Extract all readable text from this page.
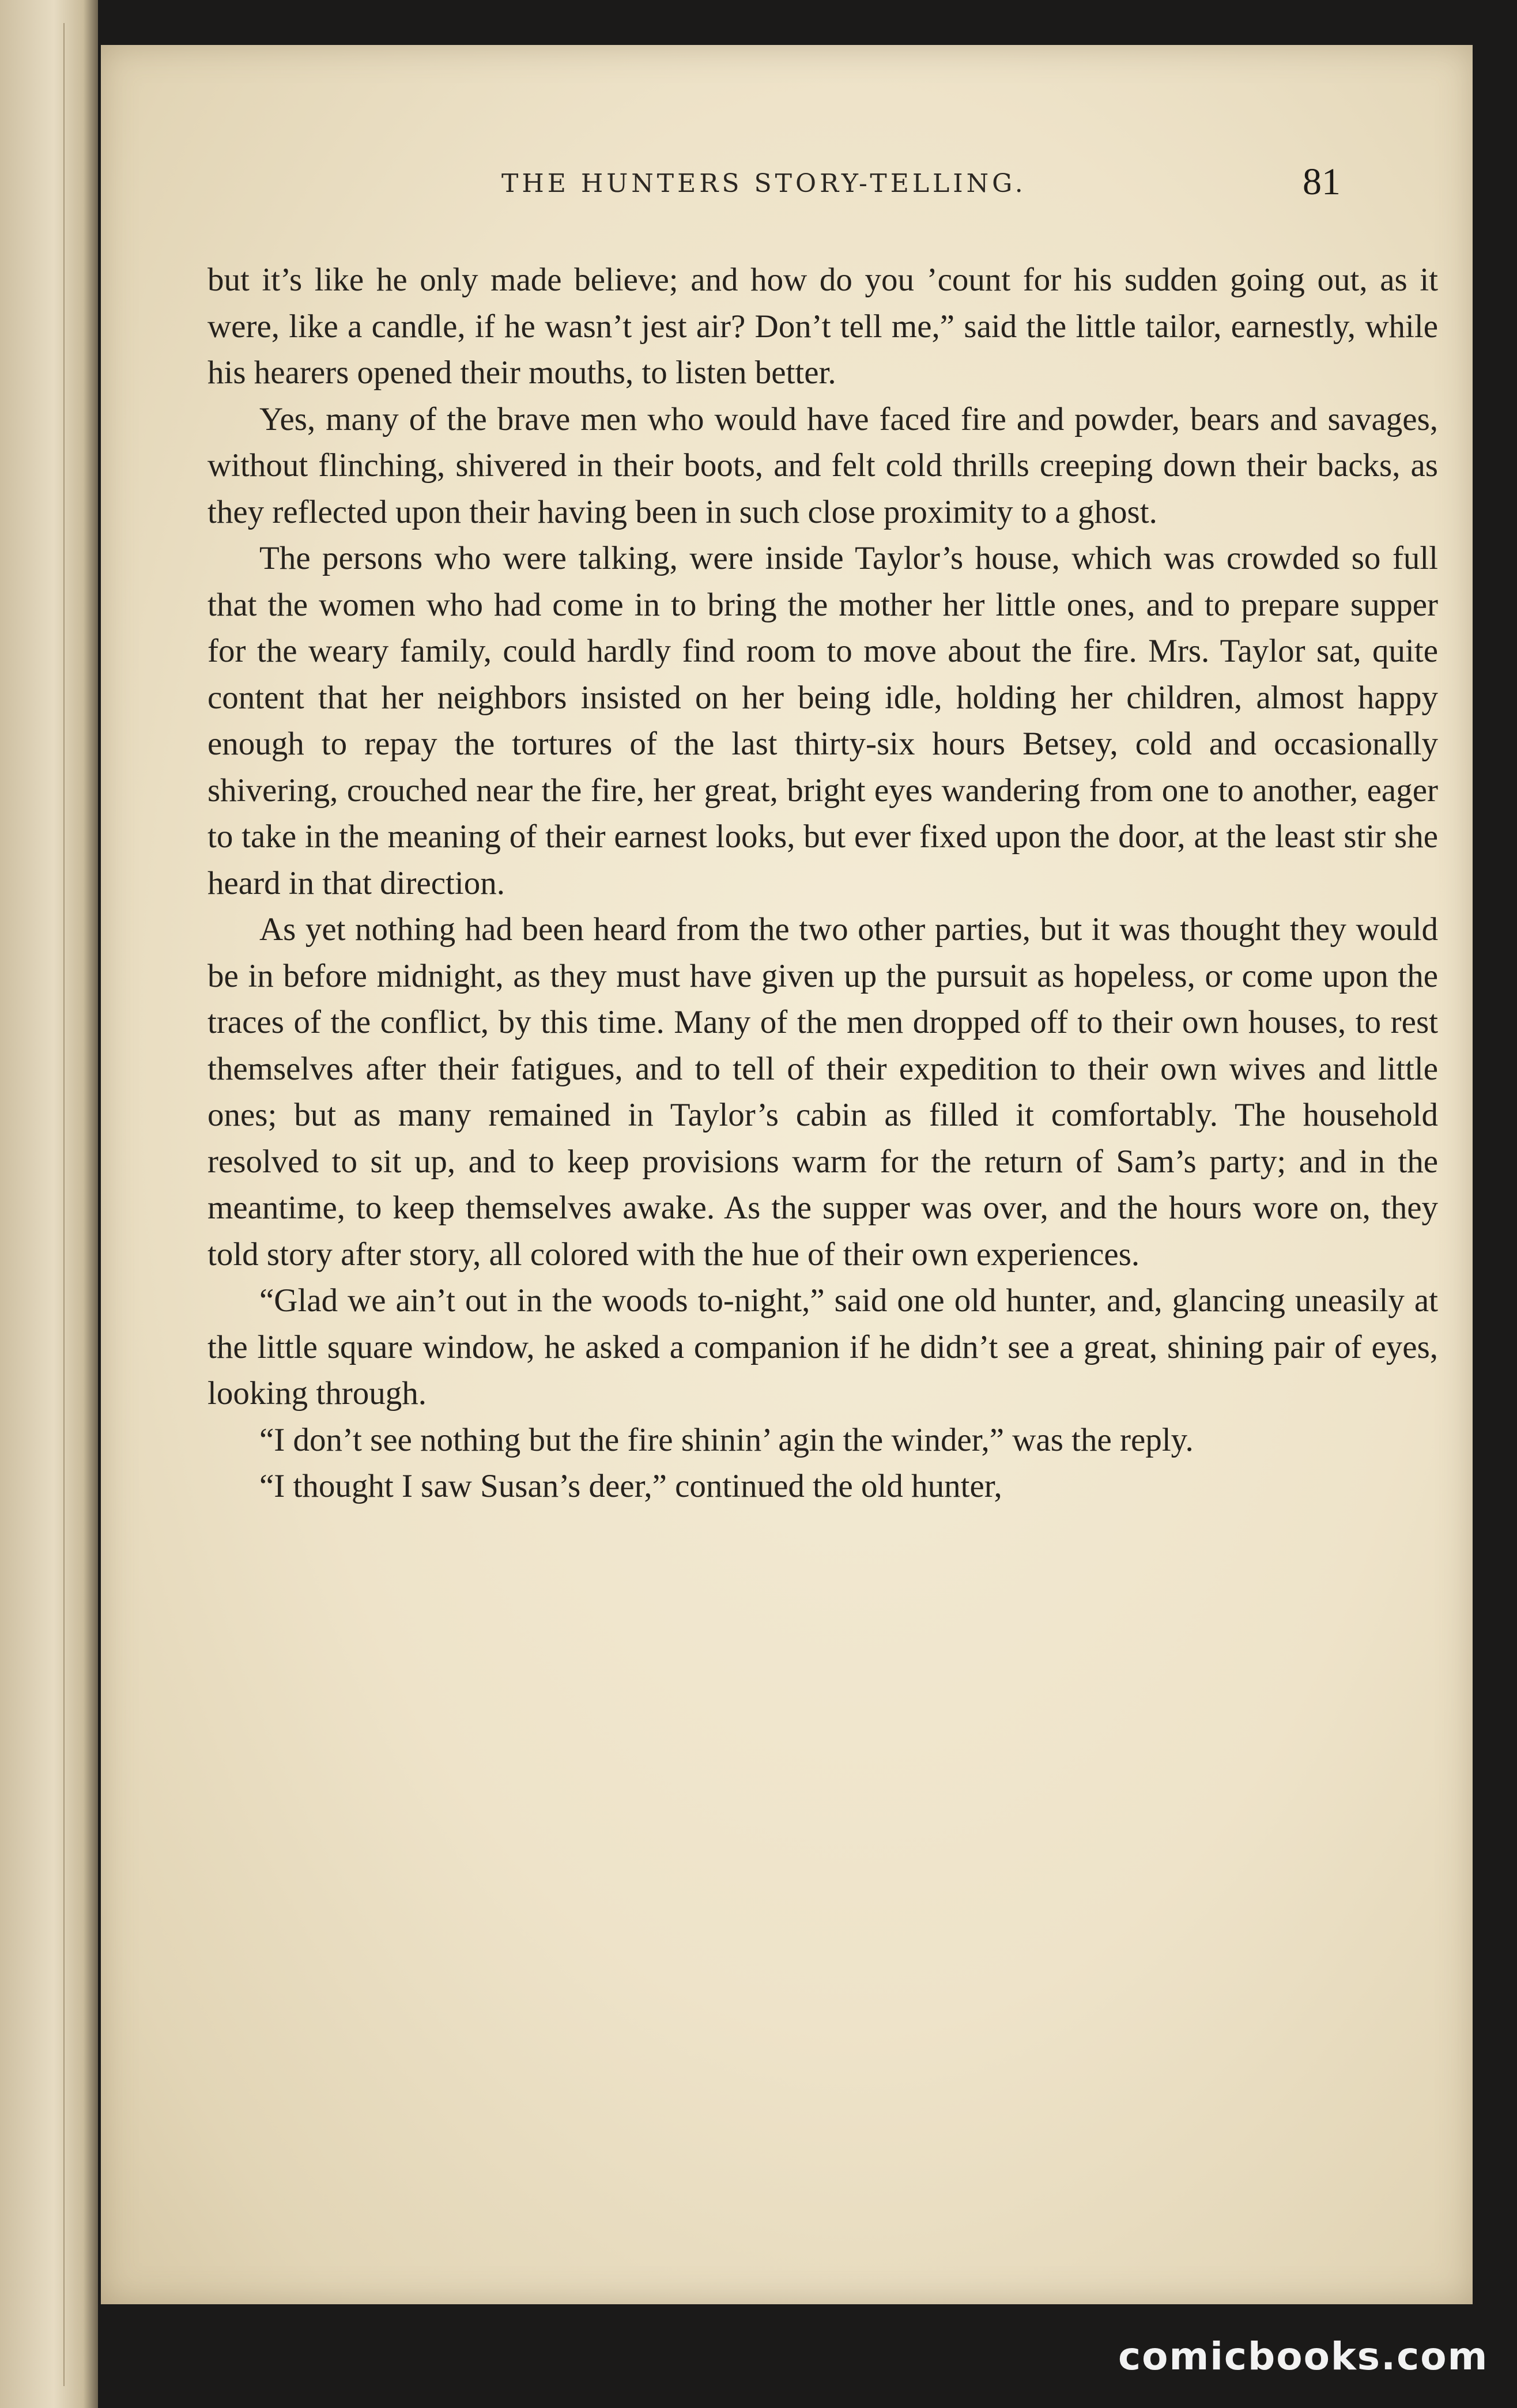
THE HUNTERS STORY-TELLING.	81

but it’s like he only made believe; and how do you ’count for his sudden going out, as it were, like a candle, if he wasn’t jest air? Don’t tell me,” said the little tailor, earnestly, while his hearers opened their mouths, to listen better.

Yes, many of the brave men who would have faced fire and powder, bears and savages, without flinching, shivered in their boots, and felt cold thrills creeping down their backs, as they reflected upon their having been in such close proximity to a ghost.

The persons who were talking, were inside Taylor’s house, which was crowded so full that the women who had come in to bring the mother her little ones, and to prepare supper for the weary family, could hardly find room to move about the fire. Mrs. Taylor sat, quite content that her neighbors insisted on her being idle, holding her children, almost happy enough to repay the tortures of the last thirty-six hours Betsey, cold and occasionally shivering, crouched near the fire, her great, bright eyes wandering from one to another, eager to take in the meaning of their earnest looks, but ever fixed upon the door, at the least stir she heard in that direction.

As yet nothing had been heard from the two other parties, but it was thought they would be in before midnight, as they must have given up the pursuit as hopeless, or come upon the traces of the conflict, by this time. Many of the men dropped off to their own houses, to rest themselves after their fatigues, and to tell of their expedition to their own wives and little ones; but as many remained in Taylor’s cabin as filled it comfortably. The household resolved to sit up, and to keep provisions warm for the return of Sam’s party; and in the meantime, to keep themselves awake. As the supper was over, and the hours wore on, they told story after story, all colored with the hue of their own experiences.

“Glad we ain’t out in the woods to-night,” said one old hunter, and, glancing uneasily at the little square window, he asked a companion if he didn’t see a great, shining pair of eyes, looking through.

“I don’t see nothing but the fire shinin’ agin the winder,” was the reply.

“I thought I saw Susan’s deer,” continued the old hunter,

comicbooks.com
